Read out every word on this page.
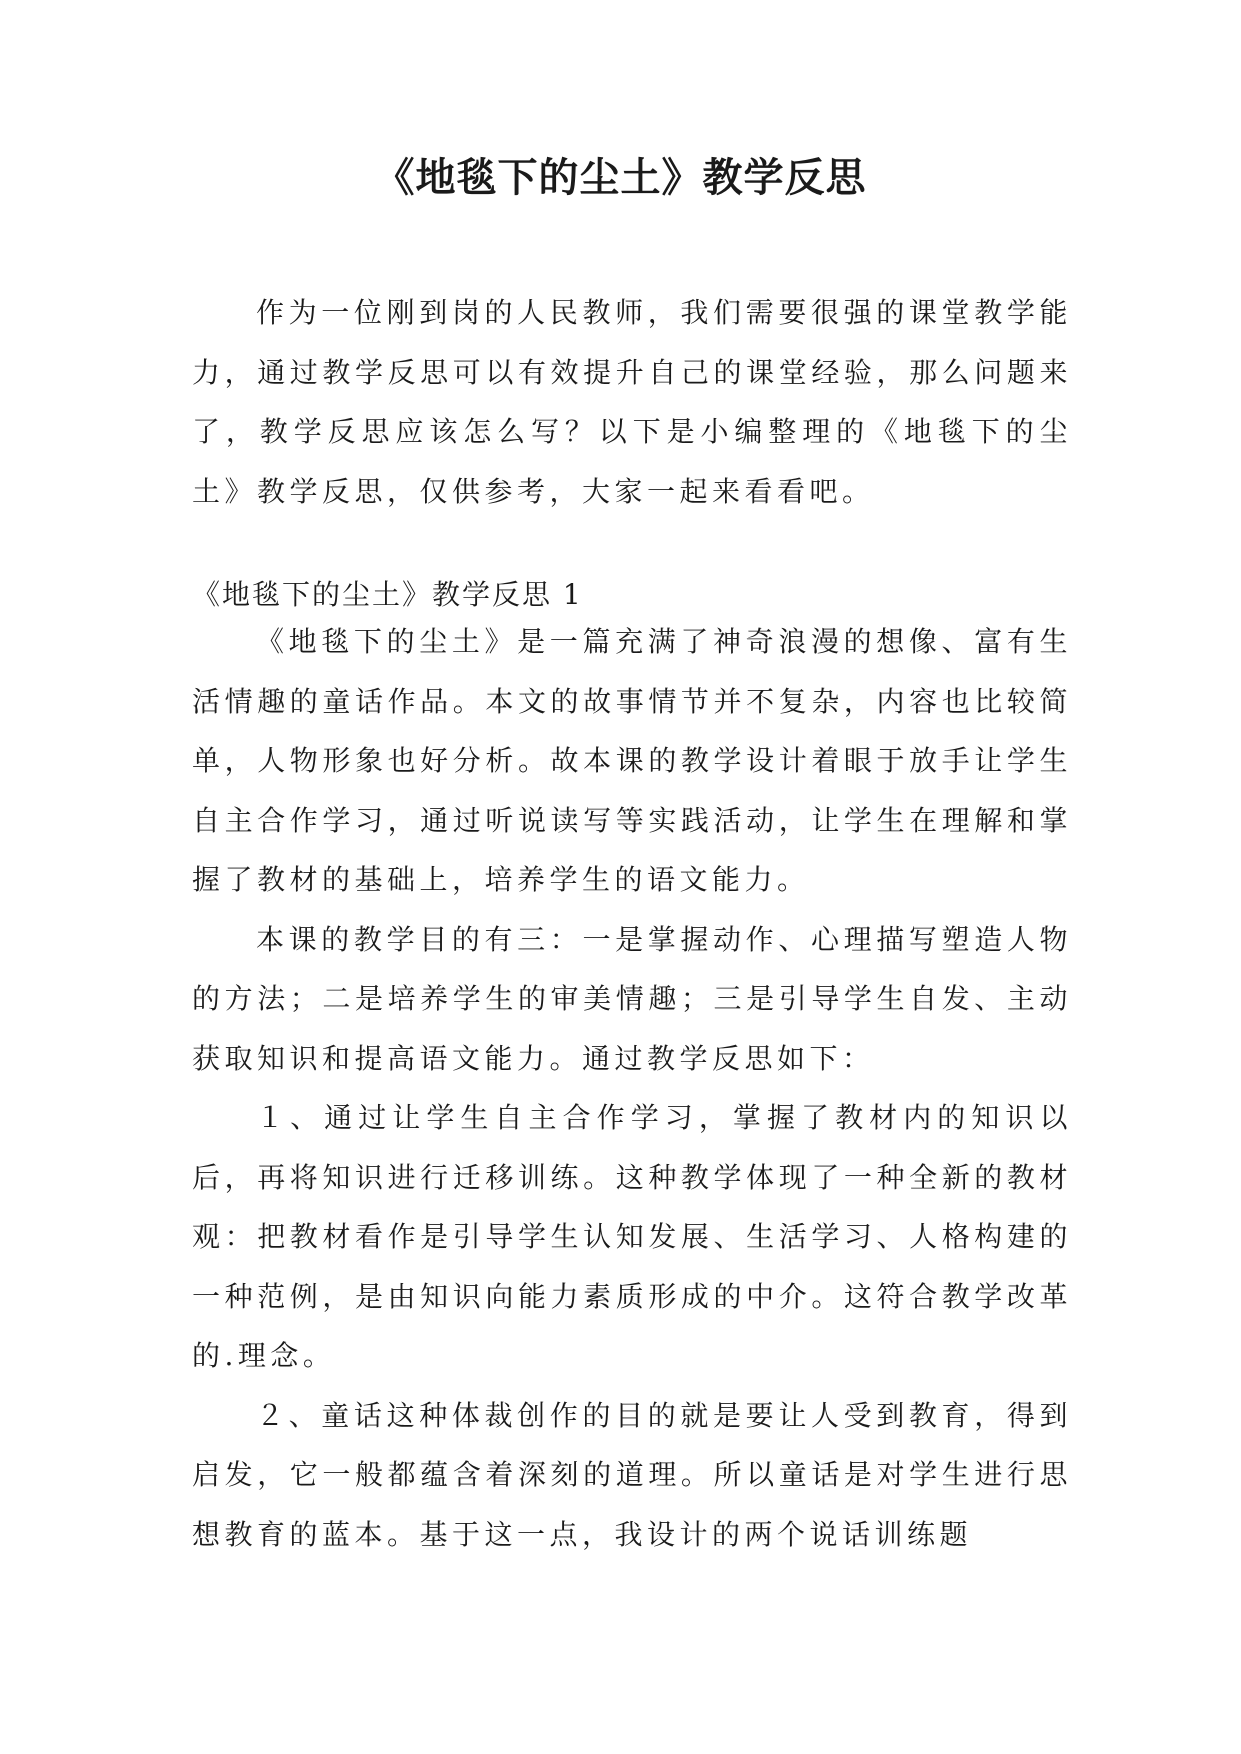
《地毯下的尘土》教学反思

作为一位刚到岗的人民教师，我们需要很强的课堂教学能力，通过教学反思可以有效提升自己的课堂经验，那么问题来了，教学反思应该怎么写？以下是小编整理的《地毯下的尘土》教学反思，仅供参考，大家一起来看看吧。

《地毯下的尘土》教学反思 1

《地毯下的尘土》是一篇充满了神奇浪漫的想像、富有生活情趣的童话作品。本文的故事情节并不复杂，内容也比较简单，人物形象也好分析。故本课的教学设计着眼于放手让学生自主合作学习，通过听说读写等实践活动，让学生在理解和掌握了教材的基础上，培养学生的语文能力。

本课的教学目的有三：一是掌握动作、心理描写塑造人物的方法；二是培养学生的审美情趣；三是引导学生自发、主动获取知识和提高语文能力。通过教学反思如下：

１、通过让学生自主合作学习，掌握了教材内的知识以后，再将知识进行迁移训练。这种教学体现了一种全新的教材观：把教材看作是引导学生认知发展、生活学习、人格构建的一种范例，是由知识向能力素质形成的中介。这符合教学改革的.理念。

２、童话这种体裁创作的目的就是要让人受到教育，得到启发，它一般都蕴含着深刻的道理。所以童话是对学生进行思想教育的蓝本。基于这一点，我设计的两个说话训练题
